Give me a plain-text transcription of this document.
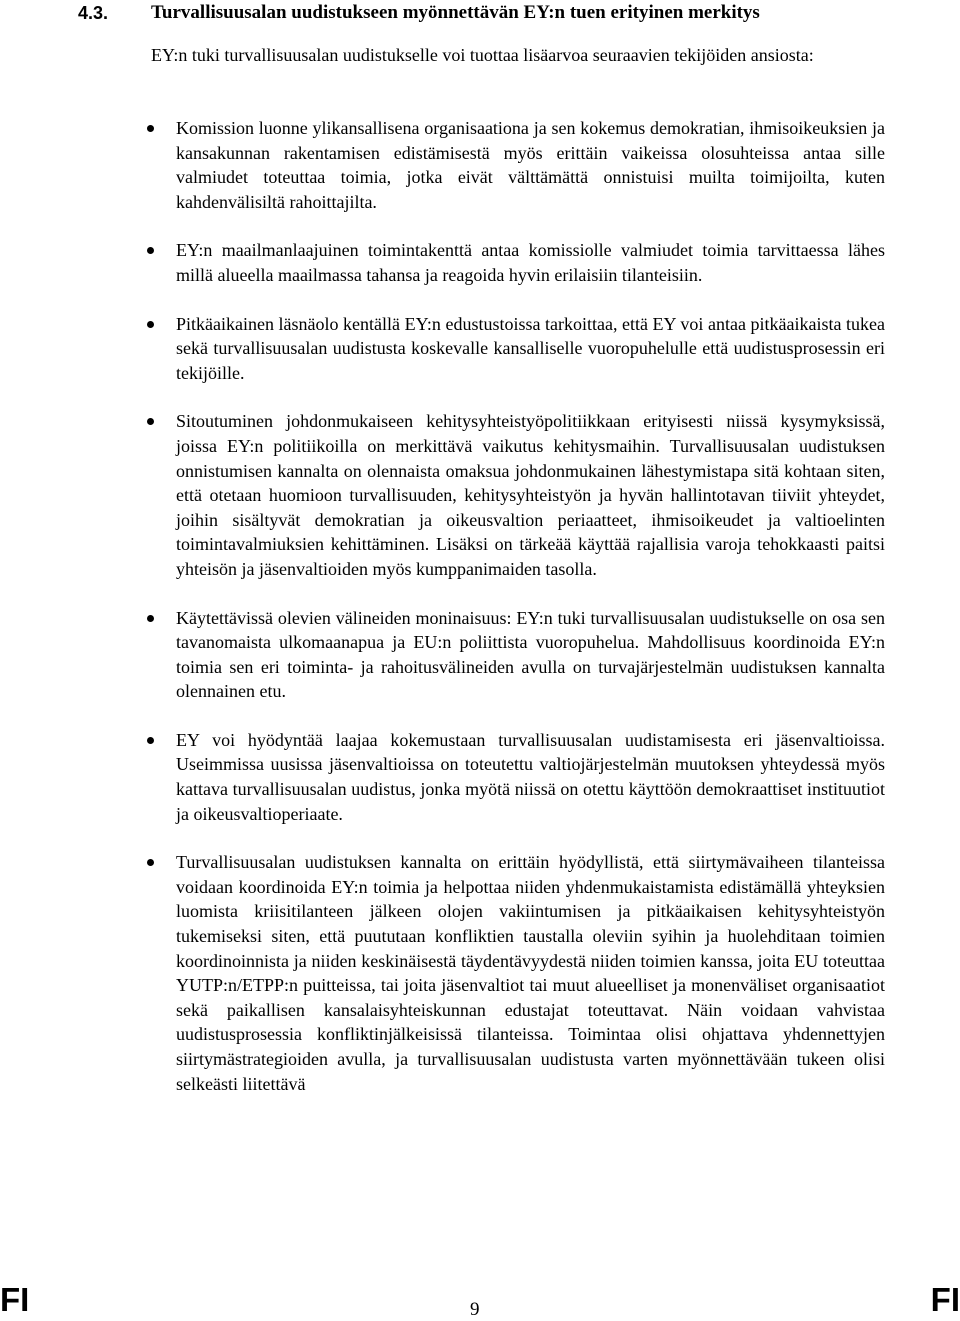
4.3. Turvallisuusalan uudistukseen myönnettävän EY:n tuen erityinen merkitys

EY:n tuki turvallisuusalan uudistukselle voi tuottaa lisäarvoa seuraavien tekijöiden ansiosta:

Komission luonne ylikansallisena organisaationa ja sen kokemus demokratian, ihmisoikeuksien ja kansakunnan rakentamisen edistämisestä myös erittäin vaikeissa olosuhteissa antaa sille valmiudet toteuttaa toimia, jotka eivät välttämättä onnistuisi muilta toimijoilta, kuten kahdenvälisiltä rahoittajilta.
EY:n maailmanlaajuinen toimintakenttä antaa komissiolle valmiudet toimia tarvittaessa lähes millä alueella maailmassa tahansa ja reagoida hyvin erilaisiin tilanteisiin.
Pitkäaikainen läsnäolo kentällä EY:n edustustoissa tarkoittaa, että EY voi antaa pitkäaikaista tukea sekä turvallisuusalan uudistusta koskevalle kansalliselle vuoropuhelulle että uudistusprosessin eri tekijöille.
Sitoutuminen johdonmukaiseen kehitysyhteistyöpolitiikkaan erityisesti niissä kysymyksissä, joissa EY:n politiikoilla on merkittävä vaikutus kehitysmaihin. Turvallisuusalan uudistuksen onnistumisen kannalta on olennaista omaksua johdonmukainen lähestymistapa sitä kohtaan siten, että otetaan huomioon turvallisuuden, kehitysyhteistyön ja hyvän hallintotavan tiiviit yhteydet, joihin sisältyvät demokratian ja oikeusvaltion periaatteet, ihmisoikeudet ja valtioelinten toimintavalmiuksien kehittäminen. Lisäksi on tärkeää käyttää rajallisia varoja tehokkaasti paitsi yhteisön ja jäsenvaltioiden myös kumppanimaiden tasolla.
Käytettävissä olevien välineiden moninaisuus: EY:n tuki turvallisuusalan uudistukselle on osa sen tavanomaista ulkomaanapua ja EU:n poliittista vuoropuhelua. Mahdollisuus koordinoida EY:n toimia sen eri toiminta- ja rahoitusvälineiden avulla on turvajärjestelmän uudistuksen kannalta olennainen etu.
EY voi hyödyntää laajaa kokemustaan turvallisuusalan uudistamisesta eri jäsenvaltioissa. Useimmissa uusissa jäsenvaltioissa on toteutettu valtiojärjestelmän muutoksen yhteydessä myös kattava turvallisuusalan uudistus, jonka myötä niissä on otettu käyttöön demokraattiset instituutiot ja oikeusvaltioperiaate.
Turvallisuusalan uudistuksen kannalta on erittäin hyödyllistä, että siirtymävaiheen tilanteissa voidaan koordinoida EY:n toimia ja helpottaa niiden yhdenmukaistamista edistämällä yhteyksien luomista kriisitilanteen jälkeen olojen vakiintumisen ja pitkäaikaisen kehitysyhteistyön tukemiseksi siten, että puututaan konfliktien taustalla oleviin syihin ja huolehditaan toimien koordinoinnista ja niiden keskinäisestä täydentävyydestä niiden toimien kanssa, joita EU toteuttaa YUTP:n/ETPP:n puitteissa, tai joita jäsenvaltiot tai muut alueelliset ja monenväliset organisaatiot sekä paikallisen kansalaisyhteiskunnan edustajat toteuttavat. Näin voidaan vahvistaa uudistusprosessia konfliktinjälkeisissä tilanteissa. Toimintaa olisi ohjattava yhdennettyjen siirtymästrategioiden avulla, ja turvallisuusalan uudistusta varten myönnettävään tukeen olisi selkeästi liitettävä
FI	9	FI
